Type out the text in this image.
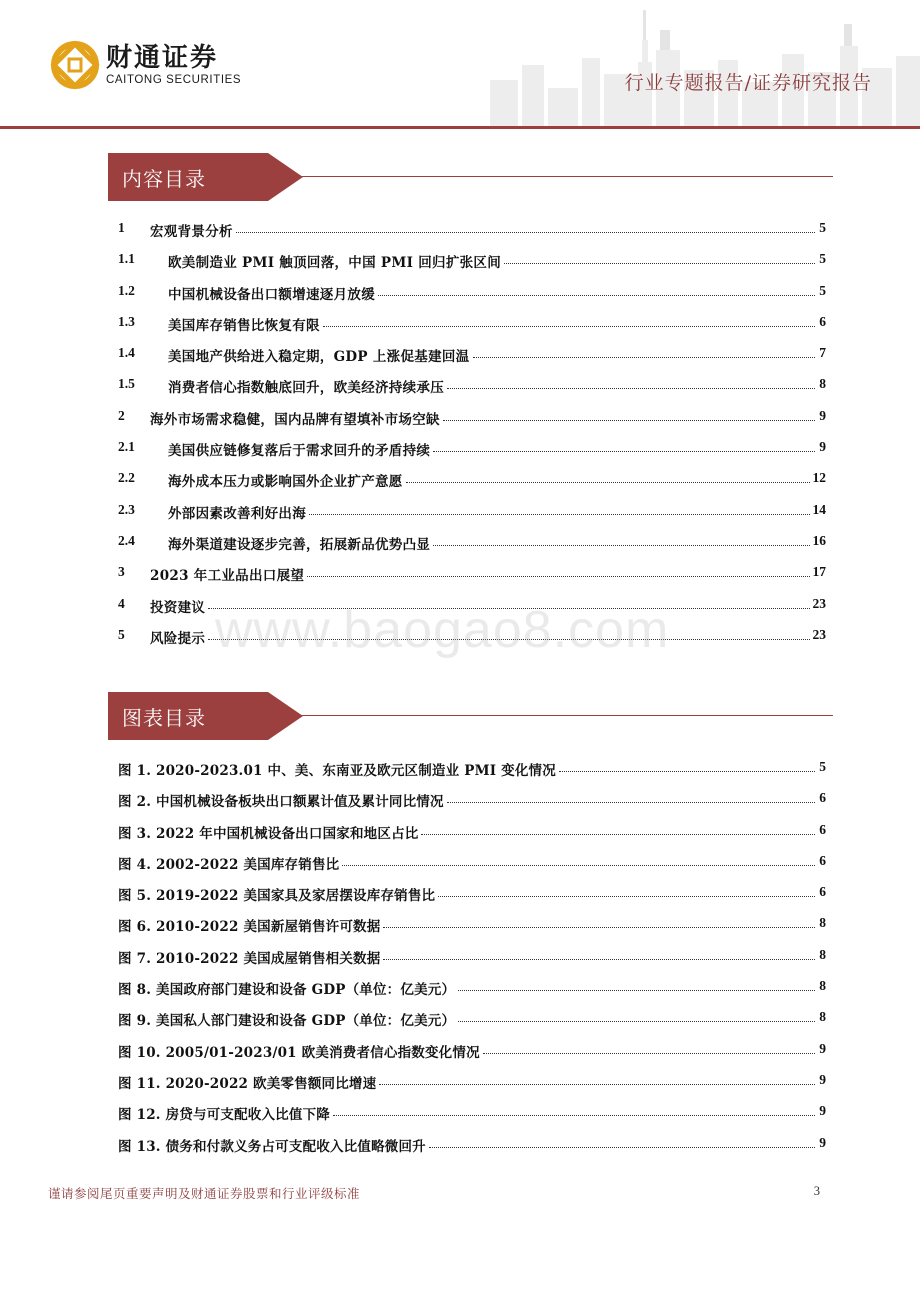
财通证券
CAITONG SECURITIES	行业专题报告/证券研究报告
内容目录
1	宏观背景分析	5
1.1	欧美制造业 PMI 触顶回落，中国 PMI 回归扩张区间	5
1.2	中国机械设备出口额增速逐月放缓	5
1.3	美国库存销售比恢复有限	6
1.4	美国地产供给进入稳定期，GDP 上涨促基建回温	7
1.5	消费者信心指数触底回升，欧美经济持续承压	8
2	海外市场需求稳健，国内品牌有望填补市场空缺	9
2.1	美国供应链修复落后于需求回升的矛盾持续	9
2.2	海外成本压力或影响国外企业扩产意愿	12
2.3	外部因素改善利好出海	14
2.4	海外渠道建设逐步完善，拓展新品优势凸显	16
3	2023 年工业品出口展望	17
4	投资建议	23
5	风险提示	23
图表目录
图 1. 2020-2023.01 中、美、东南亚及欧元区制造业 PMI 变化情况	5
图 2. 中国机械设备板块出口额累计值及累计同比情况	6
图 3. 2022 年中国机械设备出口国家和地区占比	6
图 4. 2002-2022 美国库存销售比	6
图 5. 2019-2022 美国家具及家居摆设库存销售比	6
图 6. 2010-2022 美国新屋销售许可数据	8
图 7. 2010-2022 美国成屋销售相关数据	8
图 8. 美国政府部门建设和设备 GDP（单位：亿美元）	8
图 9. 美国私人部门建设和设备 GDP（单位：亿美元）	8
图 10. 2005/01-2023/01 欧美消费者信心指数变化情况	9
图 11. 2020-2022 欧美零售额同比增速	9
图 12. 房贷与可支配收入比值下降	9
图 13. 债务和付款义务占可支配收入比值略微回升	9
www.baogao8.com
谨请参阅尾页重要声明及财通证券股票和行业评级标准	3
